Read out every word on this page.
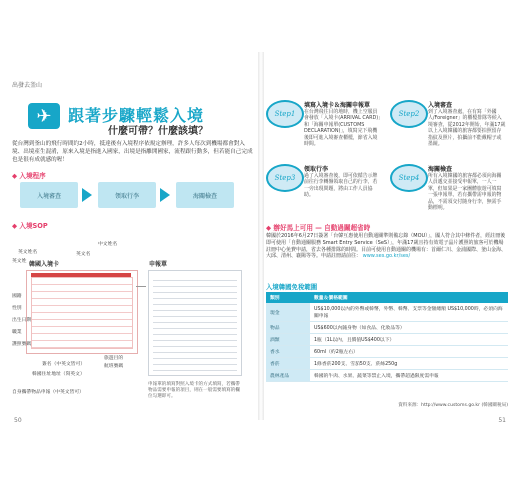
出發去釜山
✈	跟著步驟輕鬆入境
什麼可帶？什麼該填？
從台灣到釜山的飛行時間約2小時，抵達後有入境程序依規定辦理，許多人每次到機場都會對入境、出境產生混淆，原來入境是指進入國家，出境是指離開國家，流程跟行動多，但若能自己完成也是很有成就感的喔！
◆ 入境程序
入境審查	領取行李	海關檢查
◆ 入境SOP
英文姓名
中文姓名
英文名
英文姓 韓國入境卡
國籍
性別
出生日期
職業
護照號碼
旅遊目的
航班號碼
簽名（中英文皆可）
韓國住址地址（寫英文）
自身攜帶物品申報（中英文皆可）
申報單
申報單的填寫對照入境卡的方式填寫，若攜帶物品需要申報的項目，則在一般需要填寫的欄位勾選即可。
50
Step1
填寫入境卡＆海關申報單
在台灣飛往目的地時，機上空服員會發放「入境卡(ARRIVAL CARD)」和「海關申報單(CUSTOMS DECLARATION)」，填寫完下飛機後即可進入境審查櫃檯，節省入境時間。
Step2
入境審查
到了入境審查處，在有寫「外國人/Foreigner」的櫃檯排隊等候入境審查，從2012年開始，年滿17歲以上入境韓國的旅客都要拍照留存指紋及照片，拍攝前不能戴帽子或墨鏡。
Step3
領取行李
過了入境審查後，即可依循告示牌前往行李轉盤領取自己的行李，若一旁出現問題，將由工作人員協助。
Step4
海關檢查
所有入境韓國的旅客都必須向海關人員遞交並接受申報單，一人一單，但如果是一家團體旅遊可填寫一張申報單，若有攜帶需申報的物品，不需須交付隨身行李，無需手動標明。
◆ 辦好馬上可用 — 自動過關超省時
韓國於2016年6月27日簽署「台韓互惠使用自動通關準則備忘錄（MOU）」，國人符合其中條件者，經註冊後即可使用「自動通關服務 Smart Entry Service（SeS）」，年滿17歲且持有效電子晶片護照的旅客可於機場註冊中心免費申請，省去各種排隊的時間。目前可使用自動通關的機場有：首爾仁川、金浦國際、釜山金海、大邱、清州、襄陽等等。申請註冊請前往： www.ses.go.kr/ses/
入境韓國免稅範圍
類別	數量＆價格範圍
現金	US$10,000以內的外幣或韓幣，外幣、韓幣、支票等金額總額 US$10,000時，必須向海關申報
物品	US$600以內隨身物（如食品、化妝品等）
酒類	1瓶（1L以內，且價值US$400以下）
香水	60ml（約2瓶左右）
香菸	1條香菸200支、雪茄50支、菸絲250g
農林產品	韓國的牛肉、水果、蔬菜等禁止入境，攜帶超過限度需申報
資料來源：http://www.customs.go.kr (韓國關稅局)
51
